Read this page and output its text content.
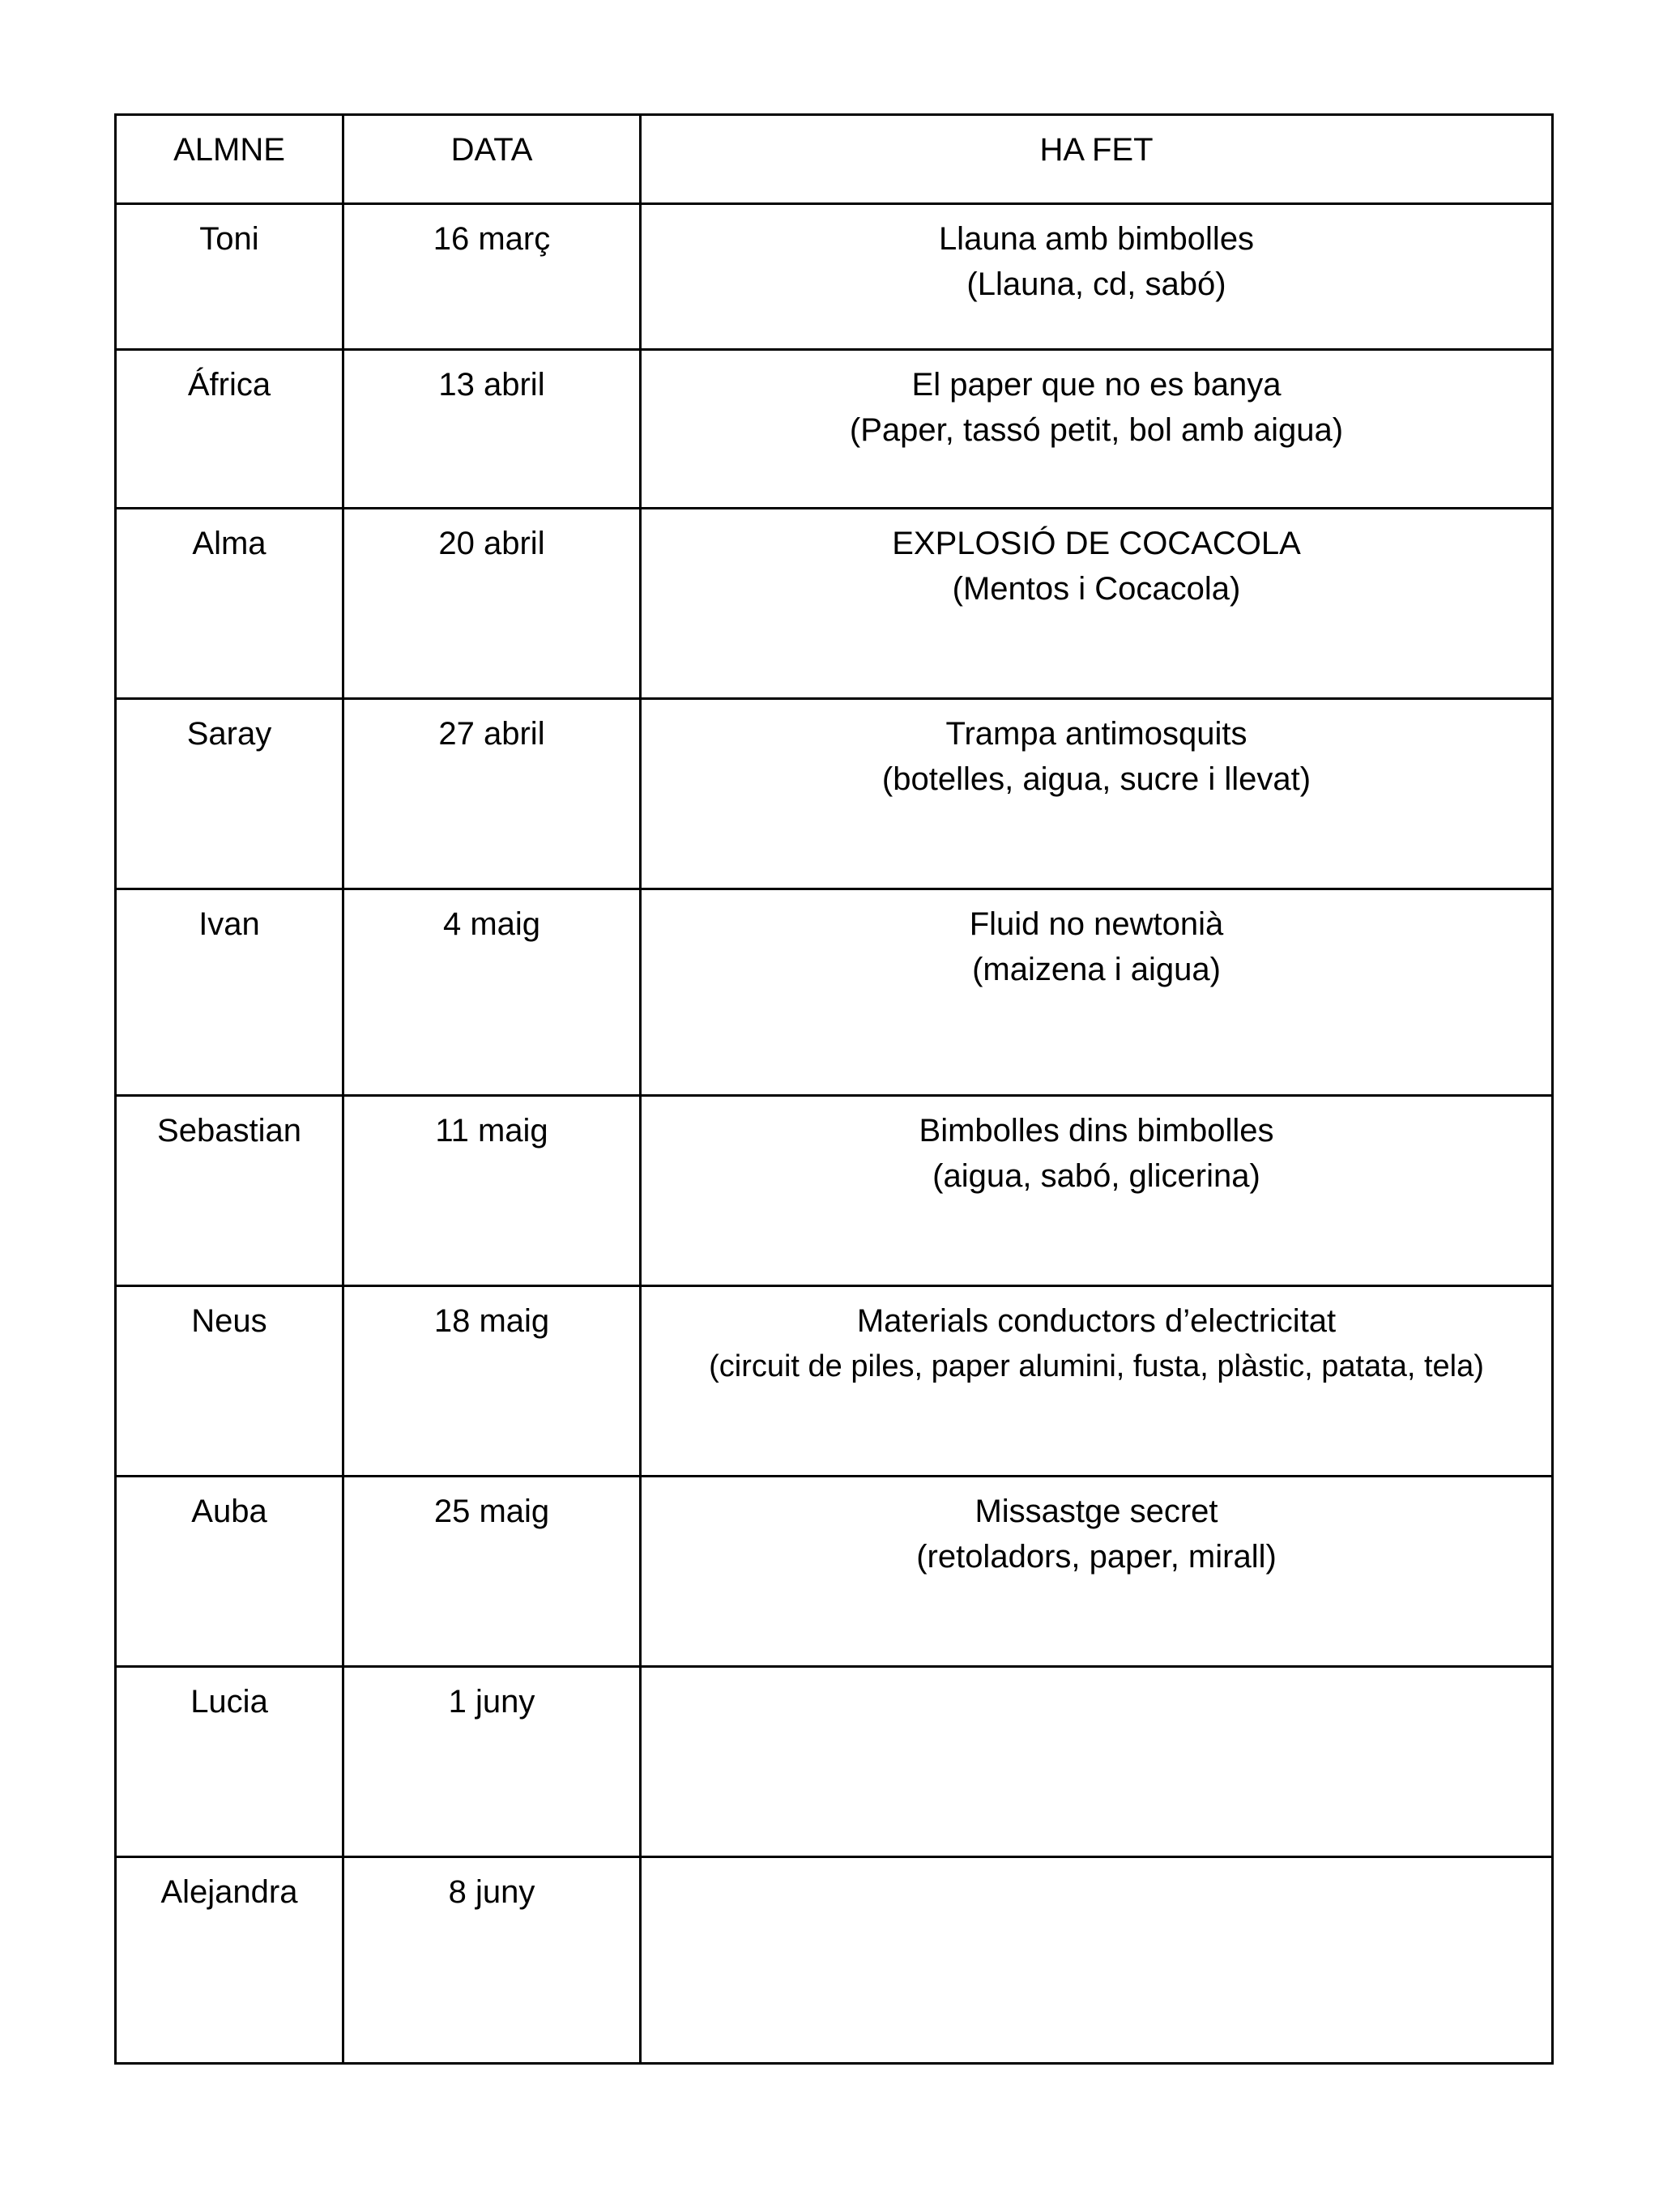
ALMNE	DATA	HA FET
Toni	16 març	Llauna amb bimbolles
(Llauna, cd, sabó)

África	13 abril	El paper que no es banya
(Paper, tassó petit, bol amb aigua)

Alma	20 abril	EXPLOSIÓ DE COCACOLA
(Mentos i Cocacola)

Saray	27 abril	Trampa antimosquits
(botelles, aigua, sucre i llevat)

Ivan	4 maig	Fluid no newtonià
(maizena i aigua)

Sebastian	11 maig	Bimbolles dins bimbolles
(aigua, sabó, glicerina)

Neus	18 maig	Materials conductors d’electricitat
(circuit de piles, paper alumini, fusta, plàstic, patata, tela)

Auba	25 maig	Missastge secret
(retoladors, paper, mirall)

Lucia	1 juny	

Alejandra	8 juny	
